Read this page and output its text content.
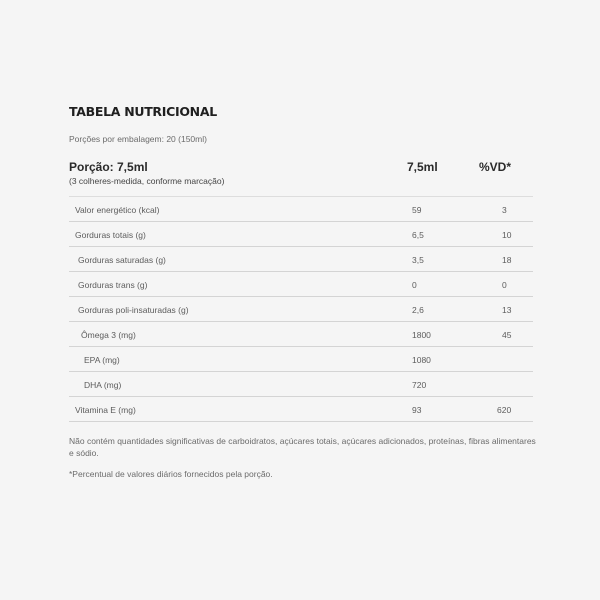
TABELA NUTRICIONAL
Porções por embalagem: 20 (150ml)
Porção: 7,5ml
(3 colheres-medida, conforme marcação)
7,5ml	%VD*
Valor energético (kcal)	59	3
Gorduras totais (g)	6,5	10
Gorduras saturadas (g)	3,5	18
Gorduras trans (g)	0	0
Gorduras poli-insaturadas (g)	2,6	13
Ômega 3 (mg)	1800	45
EPA (mg)	1080
DHA (mg)	720
Vitamina E (mg)	93	620
Não contém quantidades significativas de carboidratos, açúcares totais, açúcares adicionados, proteínas, fibras alimentares e sódio.
*Percentual de valores diários fornecidos pela porção.
